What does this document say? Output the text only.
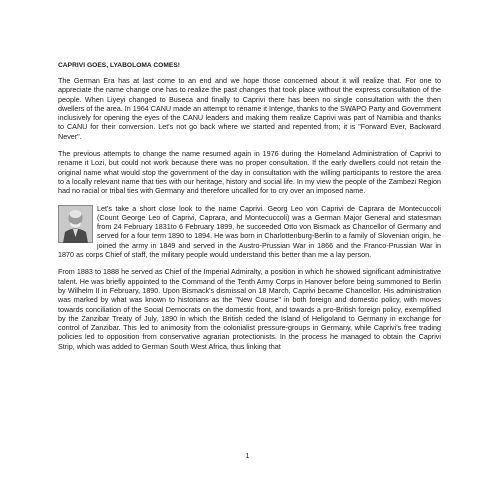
CAPRIVI GOES, LYABOLOMA COMES!

The German Era has at last come to an end and we hope those concerned about it will realize that. For one to appreciate the name change one has to realize the past changes that took place without the express consultation of the people. When Liyeyi changed to Buseca and finally to Caprivi there has been no single consultation with the then dwellers of the area. In 1964 CANU made an attempt to rename it Intenge, thanks to the SWAPO Party and Government inclusively for opening the eyes of the CANU leaders and making them realize Caprivi was part of Namibia and thanks to CANU for their conversion. Let's not go back where we started and repented from; it is "Forward Ever, Backward Never".

The previous attempts to change the name resumed again in 1976 during the Homeland Administration of Caprivi to rename it Lozi, but could not work because there was no proper consultation. If the early dwellers could not retain the original name what would stop the government of the day in consultation with the willing participants to restore the area to a locally relevant name that ties with our heritage, history and social life. In my view the people of the Zambezi Region had no racial or tribal ties with Germany and therefore uncalled for to cry over an imposed name.

Let's take a short close look to the name Caprivi. Georg Leo von Caprivi de Caprara de Montecuccoli (Count George Leo of Caprivi, Caprara, and Montecuccoli) was a German Major General and statesman from 24 February 1831to 6 February 1899, he succeeded Otto von Bismack as Chancellor of Germany and served for a four term 1890 to 1894. He was born in Charlottenburg-Berlin to a family of Slovenian origin, he joined the army in 1849 and served in the Austro-Prussian War in 1866 and the Franco-Prussian War in 1870 as corps Chief of staff, the military people would understand this better than me a lay person.

From 1883 to 1888 he served as Chief of the Imperial Admiralty, a position in which he showed significant administrative talent. He was briefly appointed to the Command of the Tenth Army Corps in Hanover before being summoned to Berlin by Wilhelm II in February, 1890. Upon Bismack's dismissal on 18 March, Caprivi became Chancellor. His administration was marked by what was known to historians as the "New Course" in both foreign and domestic policy, with moves towards conciliation of the Social Democrats on the domestic front, and towards a pro-British foreign policy, exemplified by the Zanzibar Treaty of July, 1890 in which the British ceded the Island of Heligoland to Germany in exchange for control of Zanzibar. This led to animosity from the colonialist pressure-groups in Germany, while Caprivi's free trading policies led to opposition from conservative agrarian protectionists. In the process he managed to obtain the Caprivi Strip, which was added to German South West Africa, thus linking that

1
